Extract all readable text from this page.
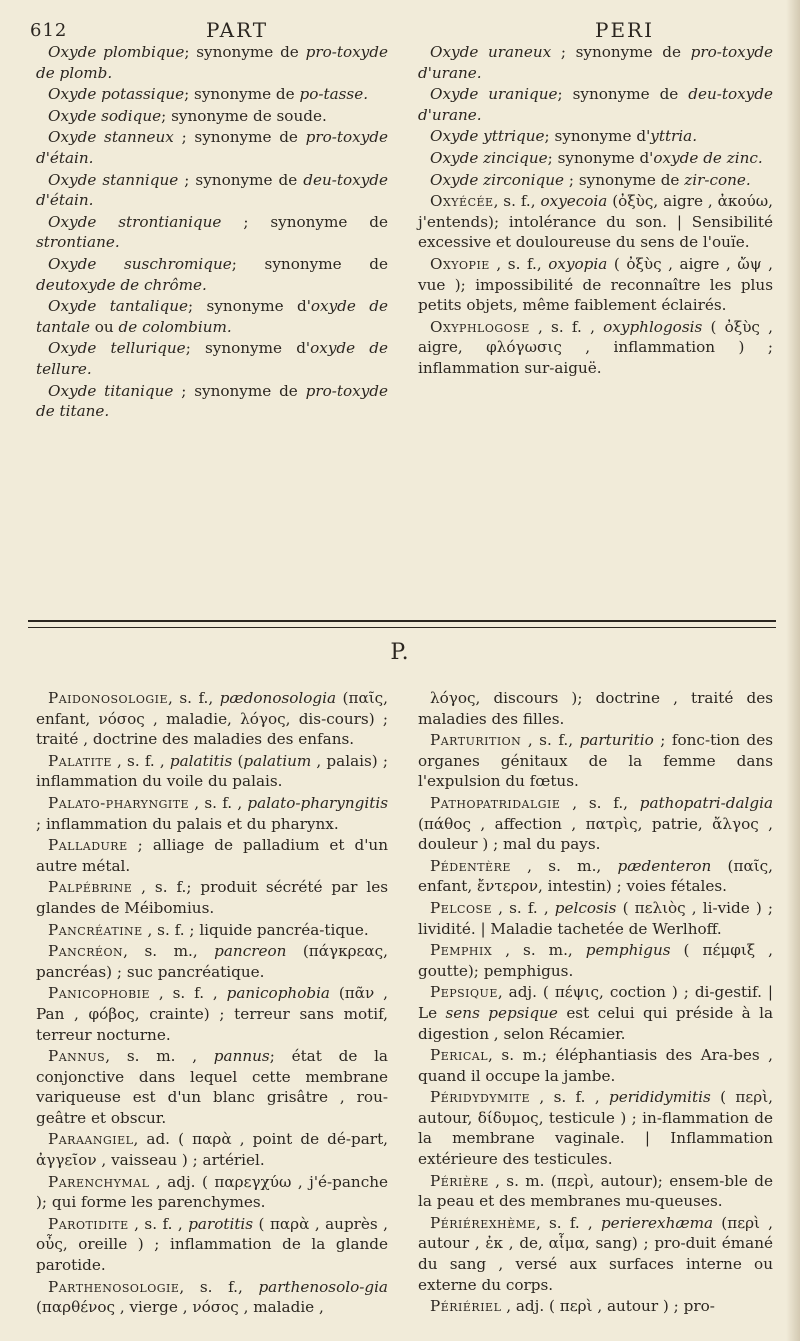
612	PART	PERI

Oxyde plombique; synonyme de pro-toxyde de plomb.

Oxyde potassique; synonyme de po-tasse.

Oxyde sodique; synonyme de soude.

Oxyde stanneux ; synonyme de pro-toxyde d'étain.

Oxyde stannique ; synonyme de deu-toxyde d'étain.

Oxyde strontianique ; synonyme de strontiane.

Oxyde suschromique; synonyme de deutoxyde de chrôme.

Oxyde tantalique; synonyme d'oxyde de tantale ou de colombium.

Oxyde tellurique; synonyme d'oxyde de tellure.

Oxyde titanique ; synonyme de pro-toxyde de titane.

Oxyde uraneux ; synonyme de pro-toxyde d'urane.

Oxyde uranique; synonyme de deu-toxyde d'urane.

Oxyde yttrique; synonyme d'yttria.

Oxyde zincique; synonyme d'oxyde de zinc.

Oxyde zirconique ; synonyme de zir-cone.

Oxyécée, s. f., oxyecoia (ὀξὺς, aigre , ἀκούω, j'entends); intolérance du son. | Sensibilité excessive et douloureuse du sens de l'ouïe.

Oxyopie , s. f., oxyopia ( ὀξὺς , aigre , ὤψ , vue ); impossibilité de reconnaître les plus petits objets, même faiblement éclairés.

Oxyphlogose , s. f. , oxyphlogosis ( ὀξὺς , aigre, φλόγωσις , inflammation ) ; inflammation sur-aiguë.

P.

Paidonosologie, s. f., pædonosologia (παῖς, enfant, νόσος , maladie, λόγος, dis-cours) ; traité , doctrine des maladies des enfans.

Palatite , s. f. , palatitis (palatium , palais) ; inflammation du voile du palais.

Palato-pharyngite , s. f. , palato-pharyngitis ; inflammation du palais et du pharynx.

Palladure ; alliage de palladium et d'un autre métal.

Palpébrine , s. f.; produit sécrété par les glandes de Méibomius.

Pancréatine , s. f. ; liquide pancréa-tique.

Pancréon, s. m., pancreon (πάγκρεας, pancréas) ; suc pancréatique.

Panicophobie , s. f. , panicophobia (πᾶν , Pan , φόβος, crainte) ; terreur sans motif, terreur nocturne.

Pannus, s. m. , pannus; état de la conjonctive dans lequel cette membrane variqueuse est d'un blanc grisâtre , rou-geâtre et obscur.

Paraangiel, ad. ( παρὰ , point de dé-part, ἀγγεῖον , vaisseau ) ; artériel.

Parenchymal , adj. ( παρεγχύω , j'é-panche ); qui forme les parenchymes.

Parotidite , s. f. , parotitis ( παρὰ , auprès , οὖς, oreille ) ; inflammation de la glande parotide.

Parthenosologie, s. f., parthenosolo-gia (παρθένος , vierge , νόσος , maladie ,

λόγος, discours ); doctrine , traité des maladies des filles.

Parturition , s. f., parturitio ; fonc-tion des organes génitaux de la femme dans l'expulsion du fœtus.

Pathopatridalgie , s. f., pathopatri-dalgia (πάθος , affection , πατρὶς, patrie, ἄλγος , douleur ) ; mal du pays.

Pédentère , s. m., pædenteron (παῖς, enfant, ἔντερον, intestin) ; voies fétales.

Pelcose , s. f. , pelcosis ( πελιὸς , li-vide ) ; lividité. | Maladie tachetée de Werlhoff.

Pemphix , s. m., pemphigus ( πέμφιξ , goutte); pemphigus.

Pepsique, adj. ( πέψις, coction ) ; di-gestif. | Le sens pepsique est celui qui préside à la digestion , selon Récamier.

Perical, s. m.; éléphantiasis des Ara-bes , quand il occupe la jambe.

Péridydymite , s. f. , perididymitis ( περὶ, autour, δίδυμος, testicule ) ; in-flammation de la membrane vaginale. | Inflammation extérieure des testicules.

Périère , s. m. (περὶ, autour); ensem-ble de la peau et des membranes mu-queuses.

Périérexhème, s. f. , perierexhæma (περὶ , autour , ἐκ , de, αἷμα, sang) ; pro-duit émané du sang , versé aux surfaces interne ou externe du corps.

Périériel , adj. ( περὶ , autour ) ; pro-
